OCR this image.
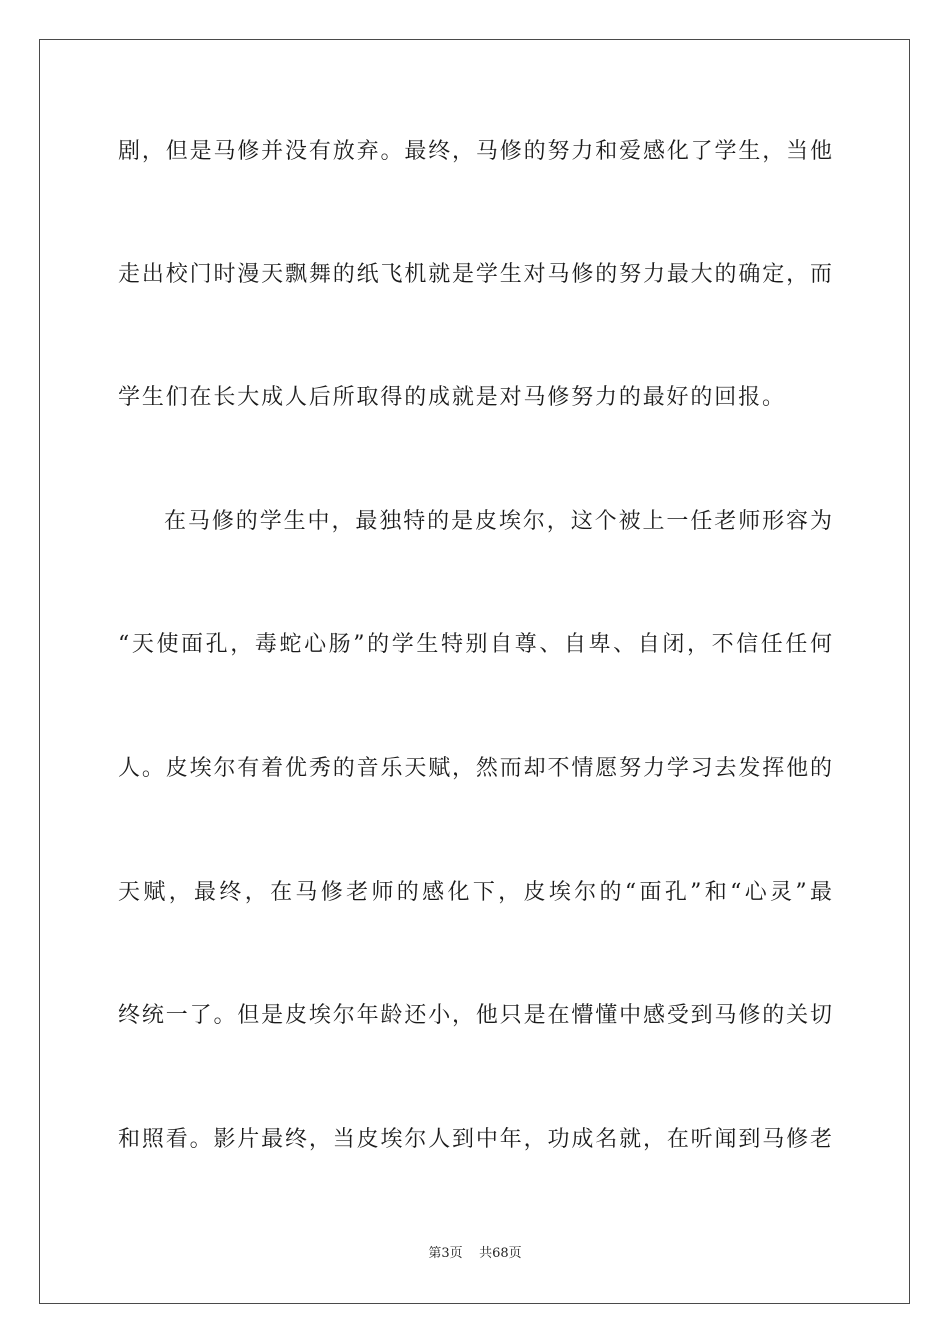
剧，但是马修并没有放弃。最终，马修的努力和爱感化了学生，当他
走出校门时漫天飘舞的纸飞机就是学生对马修的努力最大的确定，而
学生们在长大成人后所取得的成就是对马修努力的最好的回报。
在马修的学生中，最独特的是皮埃尔，这个被上一任老师形容为
“天使面孔，毒蛇心肠”的学生特别自尊、自卑、自闭，不信任任何
人。皮埃尔有着优秀的音乐天赋，然而却不情愿努力学习去发挥他的
天赋，最终，在马修老师的感化下，皮埃尔的“面孔”和“心灵”最
终统一了。但是皮埃尔年龄还小，他只是在懵懂中感受到马修的关切
和照看。影片最终，当皮埃尔人到中年，功成名就，在听闻到马修老
第3页 共68页
